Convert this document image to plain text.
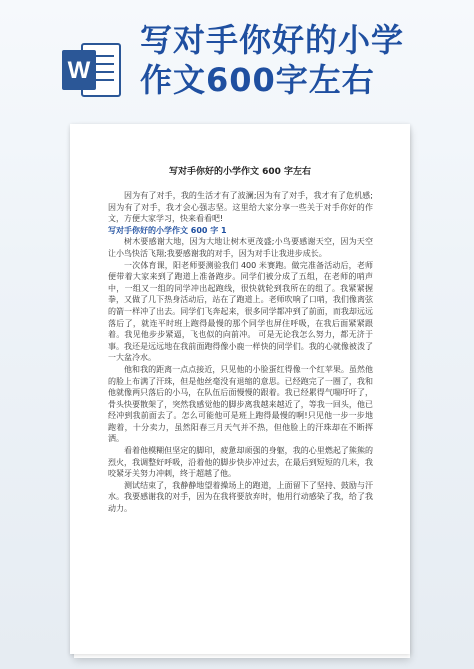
W
写对手你好的小学
作文600字左右
写对手你好的小学作文 600 字左右

因为有了对手，我的生活才有了波澜;因为有了对手，我才有了危机感;因为有了对手，我才会心强志坚。这里给大家分享一些关于对手你好的作文，方便大家学习，快来看看吧!

写对手你好的小学作文 600 字 1

树木要感谢大地，因为大地让树木更茂盛;小鸟要感谢天空，因为天空让小鸟快活飞翔;我要感谢我的对手，因为对手让我进步成长。

一次体育课，阳老师要测验我们 400 米赛跑。做完准备活动后，老师便带着大家来到了跑道上准备跑步。同学们被分成了五组，在老师的哨声中，一组又一组的同学冲出起跑线，很快就轮到我所在的组了。我紧紧握拳，又做了几下热身活动后，站在了跑道上。老师吹响了口哨，我们像离弦的箭一样冲了出去。同学们飞奔起来，很多同学都冲到了前面，而我却远远落后了，就连平时班上跑得最慢的那个同学也屏住呼吸，在我后面紧紧跟着。我见他步步紧逼，飞也似的向前冲。 可是无论我怎么努力，都无济于事。我还是远远地在我前面跑得像小鹿一样快的同学们。我的心就像被泼了一大盆冷水。

他和我的距离一点点接近，只见他的小脸蛋红得像一个红苹果。虽然他的脸上布满了汗珠，但是他丝毫没有退缩的意思。已经跑完了一圈了，我和他就像两只落后的小马，在队伍后面慢慢的跟着。我已经累得气喘吁吁了，骨头快要散架了，突然我感觉他的脚步离我越来越近了，等我一回头，他已经冲到我前面去了。怎么可能他可是班上跑得最慢的啊!只见他一步一步地跑着，十分卖力，虽然阳春三月天气并不热，但他脸上的汗珠却在不断挥洒。

看着他模糊但坚定的脚印，疲惫却顽强的身躯，我的心里燃起了熊熊的烈火，我调整好呼吸，沿着他的脚步快步冲过去，在最后到短短的几米，我咬紧牙关努力冲刺，终于超越了他。

测试结束了，我静静地望着操场上的跑道，上面留下了坚持、鼓励与汗水。我要感谢我的对手，因为在我将要放弃时，他用行动感染了我，给了我动力。
